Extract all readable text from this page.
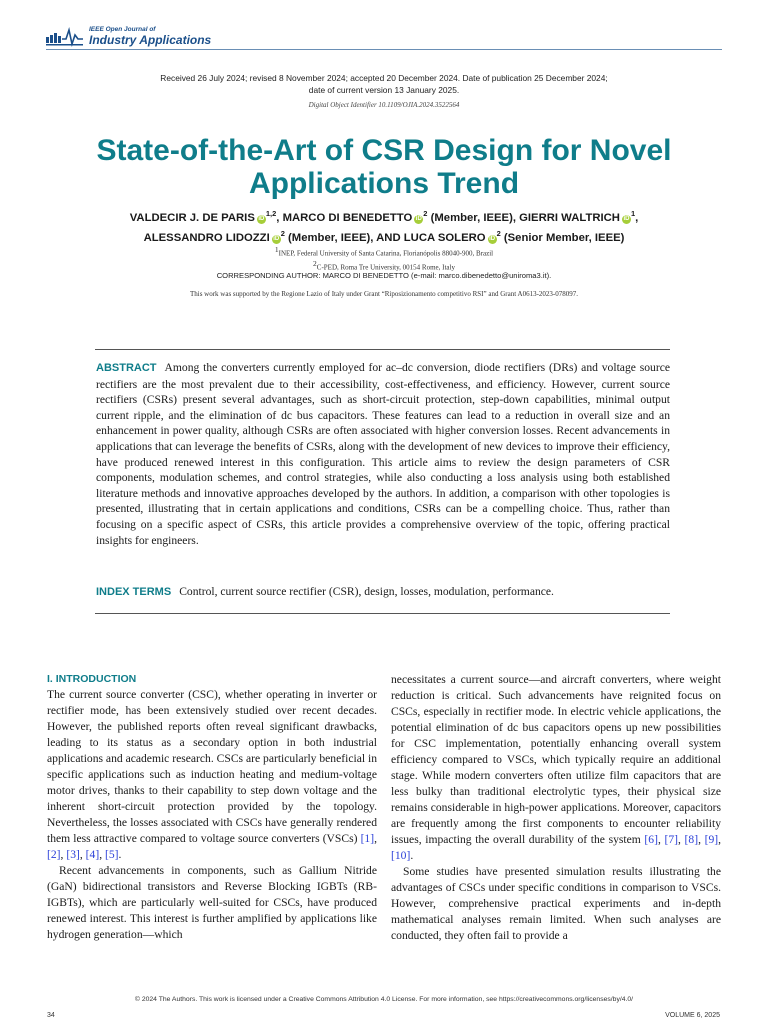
IEEE Open Journal of
Industry Applications
Received 26 July 2024; revised 8 November 2024; accepted 20 December 2024. Date of publication 25 December 2024;
date of current version 13 January 2025.
Digital Object Identifier 10.1109/OJIA.2024.3522564
State-of-the-Art of CSR Design for Novel
Applications Trend
VALDECIR J. DE PARIS iD$^{1,2}$, MARCO DI BENEDETTO $iD^2$ (Member, IEEE), GIERRI WALTRICH $iD^1$,
ALESSANDRO LIDOZZI $iD^2$ (Member, IEEE), AND LUCA SOLERO $iD^2$ (Senior Member, IEEE)
$^1$INEP, Federal University of Santa Catarina, Florianópolis 88040-900, Brazil
$^2$C-PED, Roma Tre University, 00154 Rome, Italy
CORRESPONDING AUTHOR: MARCO DI BENEDETTO (e-mail: marco.dibenedetto@uniroma3.it).
This work was supported by the Regione Lazio of Italy under Grant “Riposizionamento competitivo RSI” and Grant A0613-2023-078097.
ABSTRACT Among the converters currently employed for ac–dc conversion, diode rectifiers (DRs) and voltage source rectifiers are the most prevalent due to their accessibility, cost-effectiveness, and efficiency. However, current source rectifiers (CSRs) present several advantages, such as short-circuit protection, step-down capabilities, minimal output current ripple, and the elimination of dc bus capacitors. These features can lead to a reduction in overall size and an enhancement in power quality, although CSRs are often associated with higher conversion losses. Recent advancements in applications that can leverage the benefits of CSRs, along with the development of new devices to improve their efficiency, have produced renewed interest in this configuration. This article aims to review the design parameters of CSR components, modulation schemes, and control strategies, while also conducting a loss analysis using both established literature methods and innovative approaches developed by the authors. In addition, a comparison with other topologies is presented, illustrating that in certain applications and conditions, CSRs can be a compelling choice. Thus, rather than focusing on a specific aspect of CSRs, this article provides a comprehensive overview of the topic, offering practical insights for engineers.
INDEX TERMS Control, current source rectifier (CSR), design, losses, modulation, performance.
I. INTRODUCTION

The current source converter (CSC), whether operating in inverter or rectifier mode, has been extensively studied over recent decades. However, the published reports often reveal significant drawbacks, leading to its status as a secondary option in both industrial applications and academic research. CSCs are particularly beneficial in specific applications such as induction heating and medium-voltage motor drives, thanks to their capability to step down voltage and the inherent short-circuit protection provided by the topology. Nevertheless, the losses associated with CSCs have generally rendered them less attractive compared to voltage source converters (VSCs) [1], [2], [3], [4], [5].

Recent advancements in components, such as Gallium Nitride (GaN) bidirectional transistors and Reverse Blocking IGBTs (RB-IGBTs), which are particularly well-suited for CSCs, have produced renewed interest. This interest is further amplified by applications like hydrogen generation—which

necessitates a current source—and aircraft converters, where weight reduction is critical. Such advancements have reignited focus on CSCs, especially in rectifier mode. In electric vehicle applications, the potential elimination of dc bus capacitors opens up new possibilities for CSC implementation, potentially enhancing overall system efficiency compared to VSCs, which typically require an additional stage. While modern converters often utilize film capacitors that are less bulky than traditional electrolytic types, their physical size remains considerable in high-power applications. Moreover, capacitors are frequently among the first components to encounter reliability issues, impacting the overall durability of the system [6], [7], [8], [9], [10].

Some studies have presented simulation results illustrating the advantages of CSCs under specific conditions in comparison to VSCs. However, comprehensive practical experiments and in-depth mathematical analyses remain limited. When such analyses are conducted, they often fail to provide a

© 2024 The Authors. This work is licensed under a Creative Commons Attribution 4.0 License. For more information, see https://creativecommons.org/licenses/by/4.0/
34	VOLUME 6, 2025
